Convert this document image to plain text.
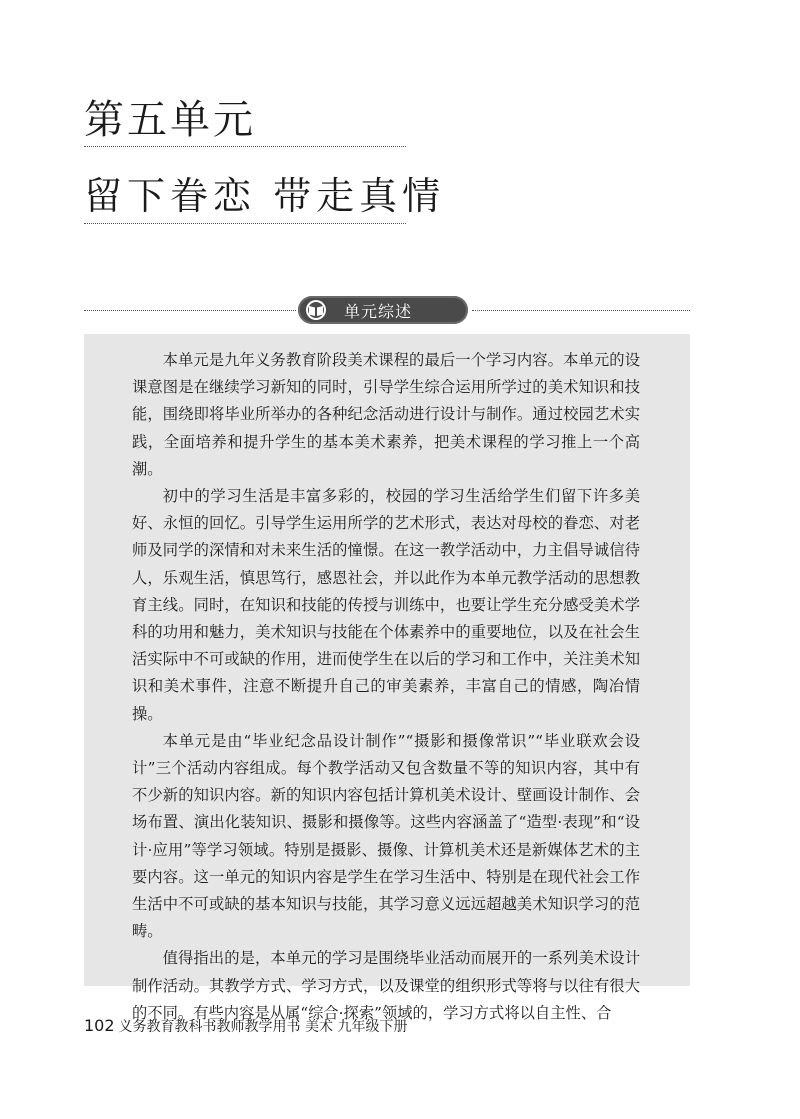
第五单元
留下眷恋 带走真情
单元综述

本单元是九年义务教育阶段美术课程的最后一个学习内容。本单元的设课意图是在继续学习新知的同时，引导学生综合运用所学过的美术知识和技能，围绕即将毕业所举办的各种纪念活动进行设计与制作。通过校园艺术实践，全面培养和提升学生的基本美术素养，把美术课程的学习推上一个高潮。

初中的学习生活是丰富多彩的，校园的学习生活给学生们留下许多美好、永恒的回忆。引导学生运用所学的艺术形式，表达对母校的眷恋、对老师及同学的深情和对未来生活的憧憬。在这一教学活动中，力主倡导诚信待人，乐观生活，慎思笃行，感恩社会，并以此作为本单元教学活动的思想教育主线。同时，在知识和技能的传授与训练中，也要让学生充分感受美术学科的功用和魅力，美术知识与技能在个体素养中的重要地位，以及在社会生活实际中不可或缺的作用，进而使学生在以后的学习和工作中，关注美术知识和美术事件，注意不断提升自己的审美素养，丰富自己的情感，陶冶情操。

本单元是由“毕业纪念品设计制作”“摄影和摄像常识”“毕业联欢会设计”三个活动内容组成。每个教学活动又包含数量不等的知识内容，其中有不少新的知识内容。新的知识内容包括计算机美术设计、壁画设计制作、会场布置、演出化装知识、摄影和摄像等。这些内容涵盖了“造型·表现”和“设计·应用”等学习领域。特别是摄影、摄像、计算机美术还是新媒体艺术的主要内容。这一单元的知识内容是学生在学习生活中、特别是在现代社会工作生活中不可或缺的基本知识与技能，其学习意义远远超越美术知识学习的范畴。

值得指出的是，本单元的学习是围绕毕业活动而展开的一系列美术设计制作活动。其教学方式、学习方式，以及课堂的组织形式等将与以往有很大的不同。有些内容是从属“综合·探索”领域的，学习方式将以自主性、合

102 义务教育教科书教师教学用书 美术 九年级下册
